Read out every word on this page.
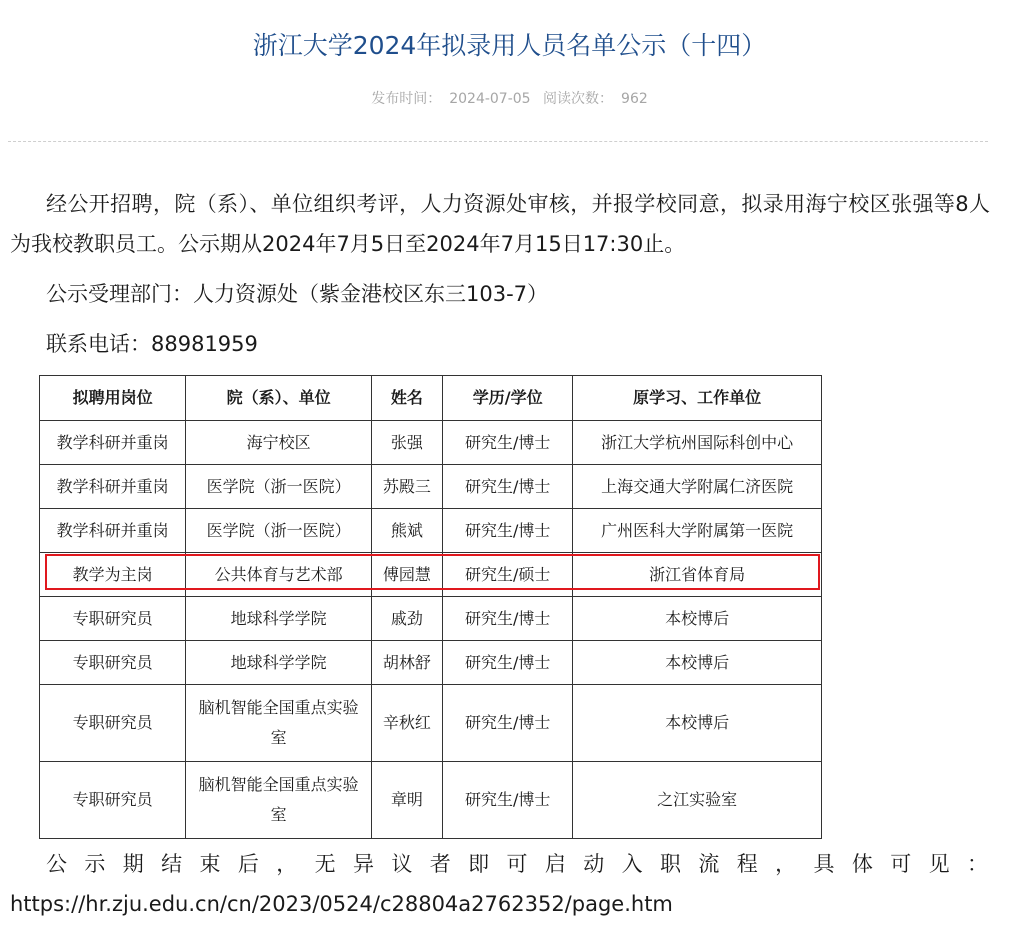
浙江大学2024年拟录用人员名单公示（十四）
发布时间： 2024-07-05 阅读次数： 962
经公开招聘，院（系）、单位组织考评，人力资源处审核，并报学校同意，拟录用海宁校区张强等8人为我校教职员工。公示期从2024年7月5日至2024年7月15日17:30止。
公示受理部门：人力资源处（紫金港校区东三103-7）
联系电话：88981959
拟聘用岗位	院（系）、单位	姓名	学历/学位	原学习、工作单位
教学科研并重岗	海宁校区	张强	研究生/博士	浙江大学杭州国际科创中心
教学科研并重岗	医学院（浙一医院）	苏殿三	研究生/博士	上海交通大学附属仁济医院
教学科研并重岗	医学院（浙一医院）	熊斌	研究生/博士	广州医科大学附属第一医院
教学为主岗	公共体育与艺术部	傅园慧	研究生/硕士	浙江省体育局
专职研究员	地球科学学院	戚劲	研究生/博士	本校博后
专职研究员	地球科学学院	胡林舒	研究生/博士	本校博后
专职研究员	脑机智能全国重点实验室	辛秋红	研究生/博士	本校博后
专职研究员	脑机智能全国重点实验室	章明	研究生/博士	之江实验室
公 示 期 结 束 后 ， 无 异 议 者 即 可 启 动 入 职 流 程 ， 具 体 可 见 ：
https://hr.zju.edu.cn/cn/2023/0524/c28804a2762352/page.htm
